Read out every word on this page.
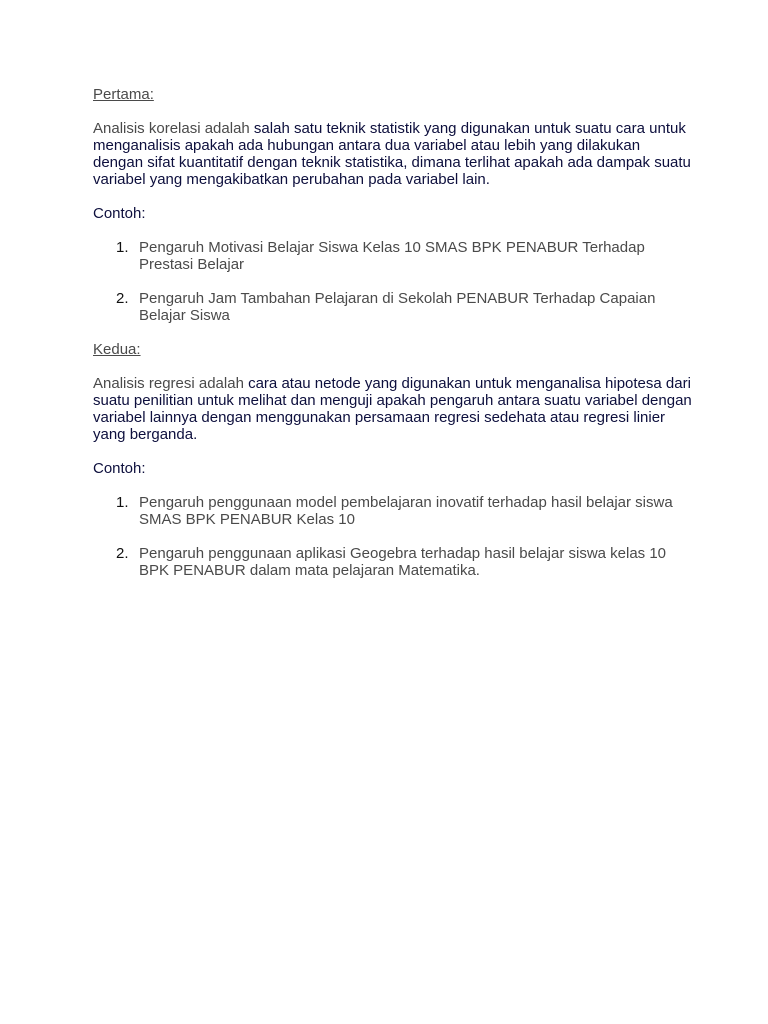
Pertama:

Analisis korelasi adalah salah satu teknik statistik yang digunakan untuk suatu cara untuk menganalisis apakah ada hubungan antara dua variabel atau lebih yang dilakukan dengan sifat kuantitatif dengan teknik statistika, dimana terlihat apakah ada dampak suatu variabel yang mengakibatkan perubahan pada variabel lain.

Contoh:

1. Pengaruh Motivasi Belajar Siswa Kelas 10 SMAS BPK PENABUR Terhadap Prestasi Belajar
2. Pengaruh Jam Tambahan Pelajaran di Sekolah PENABUR Terhadap Capaian Belajar Siswa

Kedua:

Analisis regresi adalah cara atau netode yang digunakan untuk menganalisa hipotesa dari suatu penilitian untuk melihat dan menguji apakah pengaruh antara suatu variabel dengan variabel lainnya dengan menggunakan persamaan regresi sedehata atau regresi linier yang berganda.

Contoh:

1. Pengaruh penggunaan model pembelajaran inovatif terhadap hasil belajar siswa SMAS BPK PENABUR Kelas 10
2. Pengaruh penggunaan aplikasi Geogebra terhadap hasil belajar siswa kelas 10 BPK PENABUR dalam mata pelajaran Matematika.
